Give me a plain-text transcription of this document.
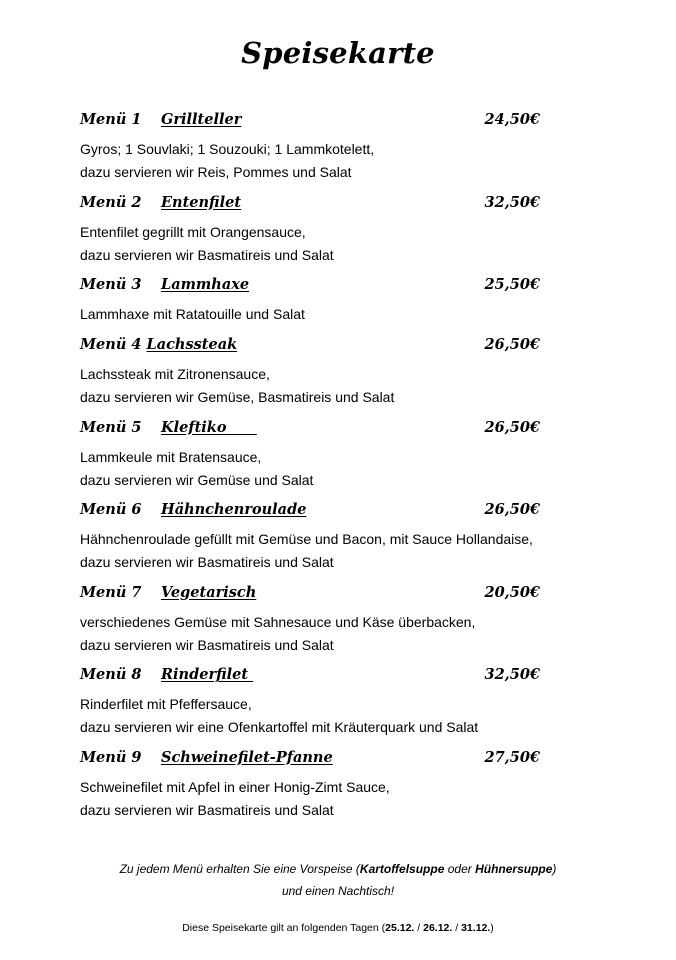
Speisekarte
Menü 1 Grillteller	24,50€
Gyros; 1 Souvlaki; 1 Souzouki; 1 Lammkotelett,
dazu servieren wir Reis, Pommes und Salat
Menü 2 Entenfilet	32,50€
Entenfilet gegrillt mit Orangensauce,
dazu servieren wir Basmatireis und Salat
Menü 3 Lammhaxe	25,50€
Lammhaxe mit Ratatouille und Salat
Menü 4 Lachssteak	26,50€
Lachssteak mit Zitronensauce,
dazu servieren wir Gemüse, Basmatireis und Salat
Menü 5 Kleftiko	26,50€
Lammkeule mit Bratensauce,
dazu servieren wir Gemüse und Salat
Menü 6 Hähnchenroulade	26,50€
Hähnchenroulade gefüllt mit Gemüse und Bacon, mit Sauce Hollandaise,
dazu servieren wir Basmatireis und Salat
Menü 7 Vegetarisch	20,50€
verschiedenes Gemüse mit Sahnesauce und Käse überbacken,
dazu servieren wir Basmatireis und Salat
Menü 8 Rinderfilet	32,50€
Rinderfilet mit Pfeffersauce,
dazu servieren wir eine Ofenkartoffel mit Kräuterquark und Salat
Menü 9 Schweinefilet-Pfanne	27,50€
Schweinefilet mit Apfel in einer Honig-Zimt Sauce,
dazu servieren wir Basmatireis und Salat
Zu jedem Menü erhalten Sie eine Vorspeise (Kartoffelsuppe oder Hühnersuppe)
und einen Nachtisch!
Diese Speisekarte gilt an folgenden Tagen (25.12. / 26.12. / 31.12.)
